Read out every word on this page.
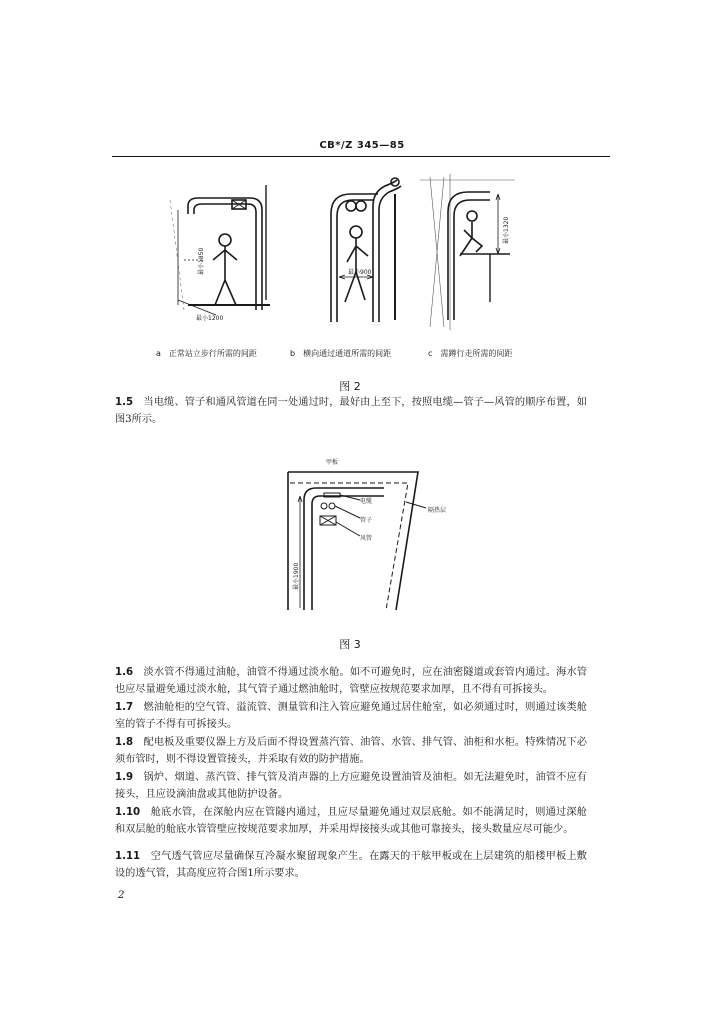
CB*/Z 345—85
最小1850
最小1200
最小900
最小1320
a　正常站立步行所需的间距	b　横向通过通道所需的间距	c　需蹲行走所需的间距
图 2
1.5　当电缆、管子和通风管道在同一处通过时，最好由上至下，按照电缆—管子—风管的顺序布置，如图3所示。
甲板
电缆
管子
风管
隔热层
最小1900
图 3
1.6　淡水管不得通过油舱，油管不得通过淡水舱。如不可避免时，应在油密隧道或套管内通过。海水管也应尽量避免通过淡水舱，其气管子通过燃油舱时，管壁应按规范要求加厚，且不得有可拆接头。
1.7　燃油舱柜的空气管、溢流管、测量管和注入管应避免通过居住舱室，如必须通过时，则通过该类舱室的管子不得有可拆接头。
1.8　配电板及重要仪器上方及后面不得设置蒸汽管、油管、水管、排气管、油柜和水柜。特殊情况下必须布管时，则不得设置管接头，并采取有效的防护措施。
1.9　锅炉、烟道、蒸汽管、排气管及消声器的上方应避免设置油管及油柜。如无法避免时，油管不应有接头，且应设滴油盘或其他防护设备。
1.10　舱底水管，在深舱内应在管隧内通过，且应尽量避免通过双层底舱。如不能满足时，则通过深舱和双层舱的舱底水管管壁应按规范要求加厚，并采用焊接接头或其他可靠接头，接头数量应尽可能少。
1.11　空气透气管应尽量确保互冷凝水聚留现象产生。在露天的干舷甲板或在上层建筑的船楼甲板上敷设的透气管，其高度应符合图1所示要求。
2
